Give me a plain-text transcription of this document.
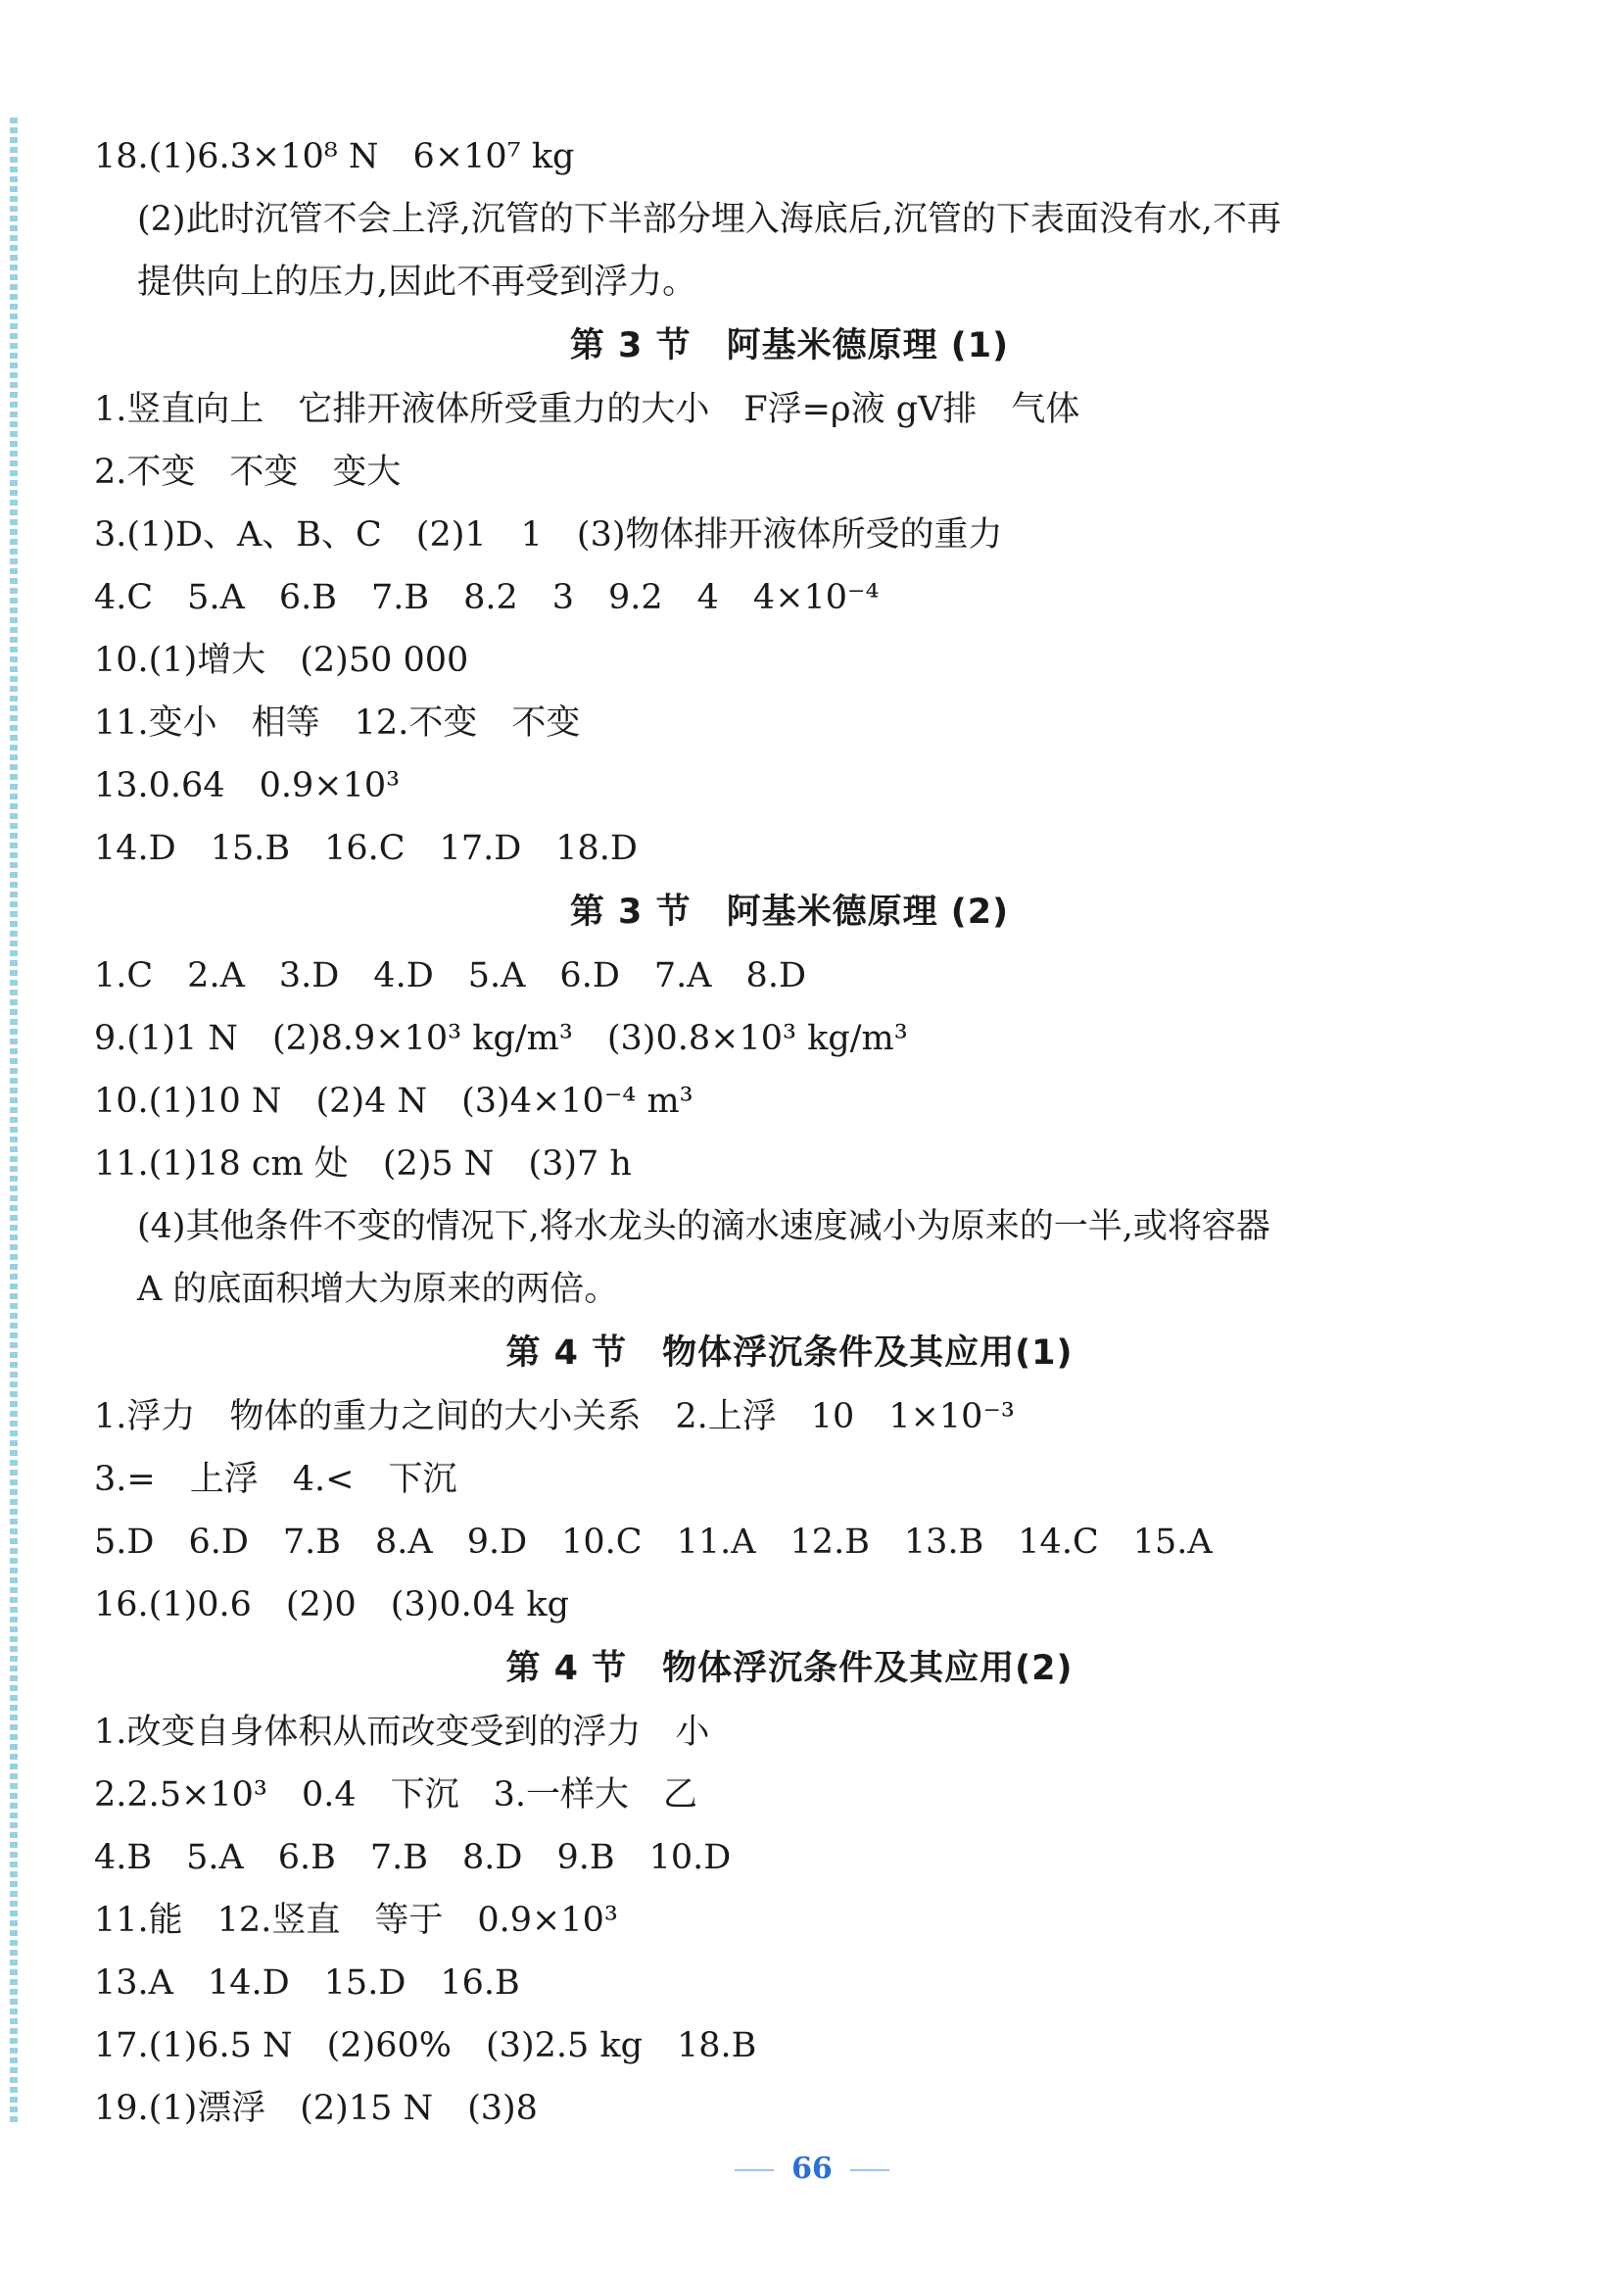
18.(1)6.3×10⁸ N　6×10⁷ kg
(2)此时沉管不会上浮,沉管的下半部分埋入海底后,沉管的下表面没有水,不再
提供向上的压力,因此不再受到浮力。
第 3 节　阿基米德原理 (1)
1.竖直向上　它排开液体所受重力的大小　F浮=ρ液 gV排　气体
2.不变　不变　变大
3.(1)D、A、B、C　(2)1　1　(3)物体排开液体所受的重力
4.C　5.A　6.B　7.B　8.2　3　9.2　4　4×10⁻⁴
10.(1)增大　(2)50 000
11.变小　相等　12.不变　不变
13.0.64　0.9×10³
14.D　15.B　16.C　17.D　18.D
第 3 节　阿基米德原理 (2)
1.C　2.A　3.D　4.D　5.A　6.D　7.A　8.D
9.(1)1 N　(2)8.9×10³ kg/m³　(3)0.8×10³ kg/m³
10.(1)10 N　(2)4 N　(3)4×10⁻⁴ m³
11.(1)18 cm 处　(2)5 N　(3)7 h
(4)其他条件不变的情况下,将水龙头的滴水速度减小为原来的一半,或将容器
A 的底面积增大为原来的两倍。
第 4 节　物体浮沉条件及其应用(1)
1.浮力　物体的重力之间的大小关系　2.上浮　10　1×10⁻³
3.=　上浮　4.<　下沉
5.D　6.D　7.B　8.A　9.D　10.C　11.A　12.B　13.B　14.C　15.A
16.(1)0.6　(2)0　(3)0.04 kg
第 4 节　物体浮沉条件及其应用(2)
1.改变自身体积从而改变受到的浮力　小
2.2.5×10³　0.4　下沉　3.一样大　乙
4.B　5.A　6.B　7.B　8.D　9.B　10.D
11.能　12.竖直　等于　0.9×10³
13.A　14.D　15.D　16.B
17.(1)6.5 N　(2)60%　(3)2.5 kg　18.B
19.(1)漂浮　(2)15 N　(3)8
66
